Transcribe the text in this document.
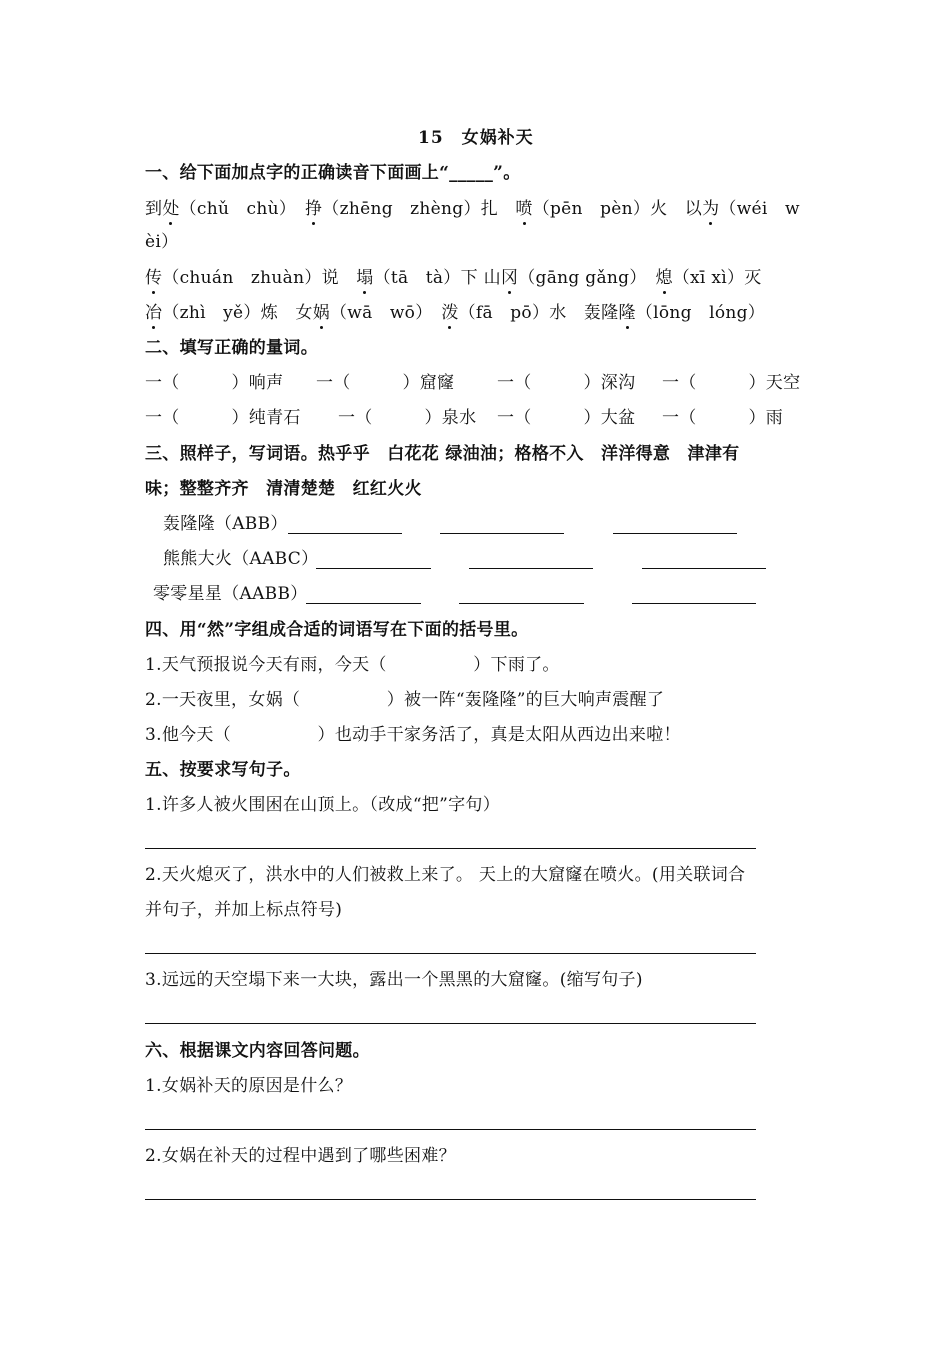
15　女娲补天
一、给下面加点字的正确读音下面画上“_____”。
到处（chǔ　chù）　挣（zhēng　zhèng）扎　喷（pēn　pèn）火　以为（wéi　w
èi）
传（chuán　zhuàn）说　塌（tā　tà）下 山冈（gāng gǎng）　熄（xī xì）灭
冶（zhì　yě）炼　女娲（wā　wō）　泼（fā　pō）水　轰隆隆（lōng　lóng）
二、填写正确的量词。
一（　　　）响声 一（　　　）窟窿	一（　　　）深沟 一（　　　）天空
一（　　　）纯青石 一（　　　）泉水 一（　　　）大盆 一（　　　）雨
三、照样子，写词语。热乎乎　白花花 绿油油；格格不入　洋洋得意　津津有
味；整整齐齐　清清楚楚　红红火火
轰隆隆（ABB）
熊熊大火（AABC）
零零星星（AABB）
四、用“然”字组成合适的词语写在下面的括号里。
1.天气预报说今天有雨，今天（　　　　　）下雨了。
2.一天夜里，女娲（　　　　　）被一阵“轰隆隆”的巨大响声震醒了
3.他今天（　　　　　）也动手干家务活了，真是太阳从西边出来啦！
五、按要求写句子。
1.许多人被火围困在山顶上。（改成“把”字句）
2.天火熄灭了，洪水中的人们被救上来了。 天上的大窟窿在喷火。(用关联词合
并句子，并加上标点符号)
3.远远的天空塌下来一大块，露出一个黑黑的大窟窿。(缩写句子)
六、根据课文内容回答问题。
1.女娲补天的原因是什么？
2.女娲在补天的过程中遇到了哪些困难？
